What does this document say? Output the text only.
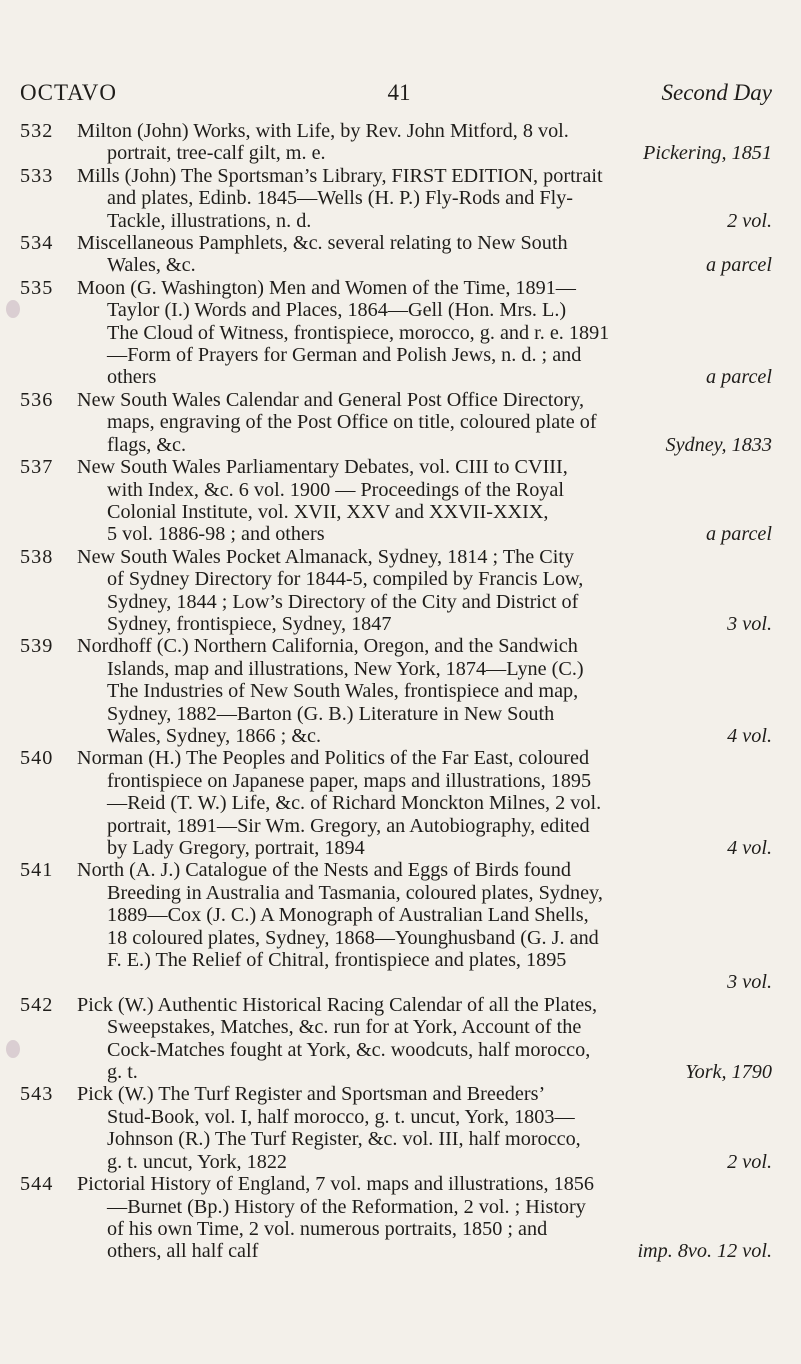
OCTAVO	41	Second Day
532 Milton (John) Works, with Life, by Rev. John Mitford, 8 vol.
portrait, tree-calf gilt, m. e.	Pickering, 1851
533 Mills (John) The Sportsman’s Library, FIRST EDITION, portrait
and plates, Edinb. 1845—Wells (H. P.) Fly-Rods and Fly-
Tackle, illustrations, n. d.	2 vol.
534 Miscellaneous Pamphlets, &c. several relating to New South
Wales, &c.	a parcel
535 Moon (G. Washington) Men and Women of the Time, 1891—
Taylor (I.) Words and Places, 1864—Gell (Hon. Mrs. L.)
The Cloud of Witness, frontispiece, morocco, g. and r. e. 1891
—Form of Prayers for German and Polish Jews, n. d. ; and
others	a parcel
536 New South Wales Calendar and General Post Office Directory,
maps, engraving of the Post Office on title, coloured plate of
flags, &c.	Sydney, 1833
537 New South Wales Parliamentary Debates, vol. CIII to CVIII,
with Index, &c. 6 vol. 1900 — Proceedings of the Royal
Colonial Institute, vol. XVII, XXV and XXVII-XXIX,
5 vol. 1886-98 ; and others	a parcel
538 New South Wales Pocket Almanack, Sydney, 1814 ; The City
of Sydney Directory for 1844-5, compiled by Francis Low,
Sydney, 1844 ; Low’s Directory of the City and District of
Sydney, frontispiece, Sydney, 1847	3 vol.
539 Nordhoff (C.) Northern California, Oregon, and the Sandwich
Islands, map and illustrations, New York, 1874—Lyne (C.)
The Industries of New South Wales, frontispiece and map,
Sydney, 1882—Barton (G. B.) Literature in New South
Wales, Sydney, 1866 ; &c.	4 vol.
540 Norman (H.) The Peoples and Politics of the Far East, coloured
frontispiece on Japanese paper, maps and illustrations, 1895
—Reid (T. W.) Life, &c. of Richard Monckton Milnes, 2 vol.
portrait, 1891—Sir Wm. Gregory, an Autobiography, edited
by Lady Gregory, portrait, 1894	4 vol.
541 North (A. J.) Catalogue of the Nests and Eggs of Birds found
Breeding in Australia and Tasmania, coloured plates, Sydney,
1889—Cox (J. C.) A Monograph of Australian Land Shells,
18 coloured plates, Sydney, 1868—Younghusband (G. J. and
F. E.) The Relief of Chitral, frontispiece and plates, 1895
3 vol.
542 Pick (W.) Authentic Historical Racing Calendar of all the Plates,
Sweepstakes, Matches, &c. run for at York, Account of the
Cock-Matches fought at York, &c. woodcuts, half morocco,
g. t.	York, 1790
543 Pick (W.) The Turf Register and Sportsman and Breeders’
Stud-Book, vol. I, half morocco, g. t. uncut, York, 1803—
Johnson (R.) The Turf Register, &c. vol. III, half morocco,
g. t. uncut, York, 1822	2 vol.
544 Pictorial History of England, 7 vol. maps and illustrations, 1856
—Burnet (Bp.) History of the Reformation, 2 vol. ; History
of his own Time, 2 vol. numerous portraits, 1850 ; and
others, all half calf	imp. 8vo. 12 vol.
